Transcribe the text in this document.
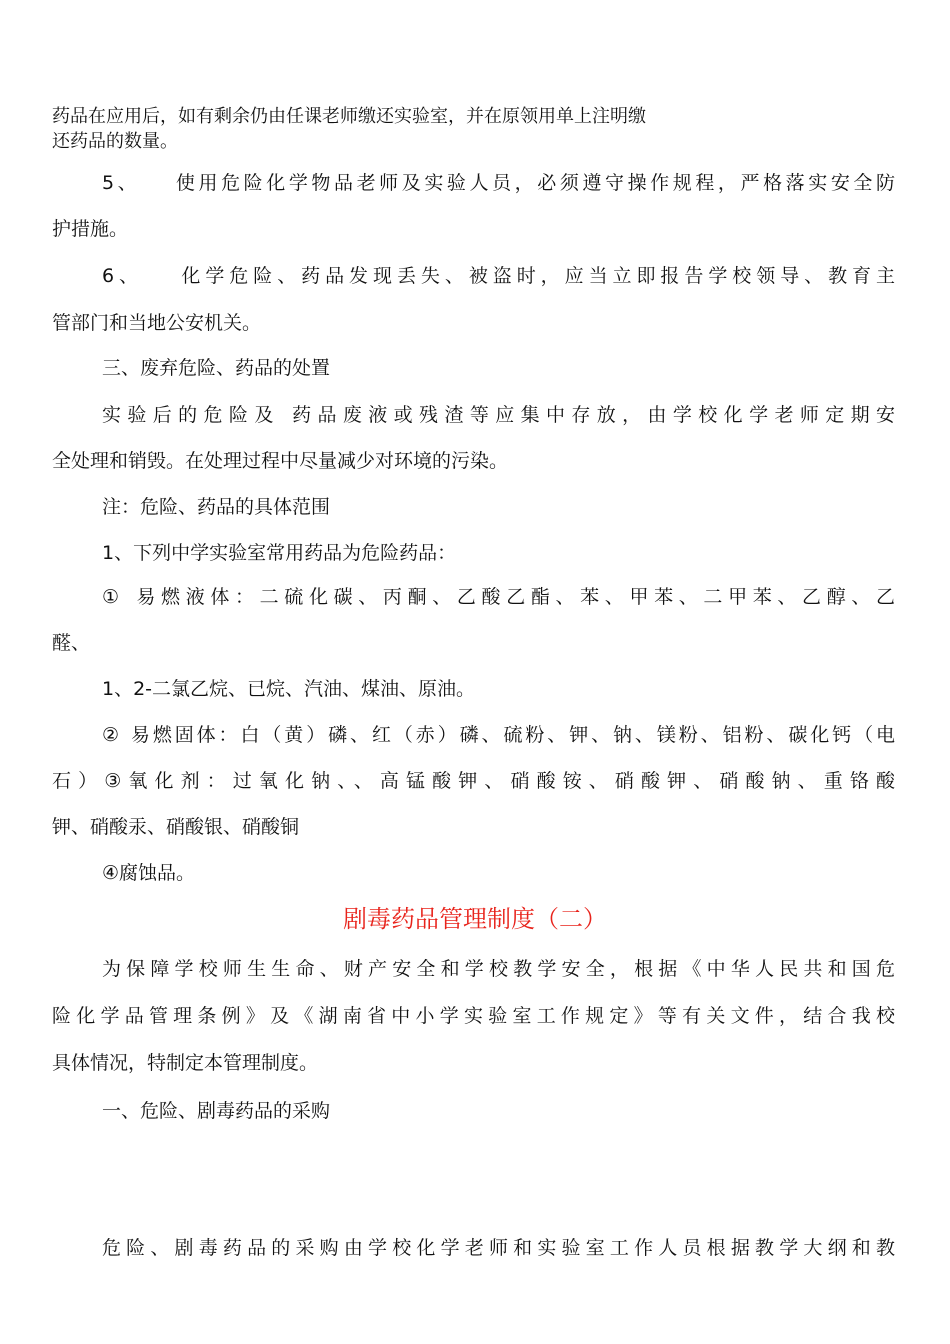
药品在应用后，如有剩余仍由任课老师缴还实验室，并在原领用单上注明缴

还药品的数量。

5、　　使用危险化学物品老师及实验人员，必须遵守操作规程，严格落实安全防

护措施。

6、　　化学危险、药品发现丢失、被盗时，应当立即报告学校领导、教育主

管部门和当地公安机关。

三、废弃危险、药品的处置

实验后的危险及 药品废液或残渣等应集中存放，由学校化学老师定期安

全处理和销毁。在处理过程中尽量减少对环境的污染。

注：危险、药品的具体范围

1、下列中学实验室常用药品为危险药品：

① 易燃液体：二硫化碳、丙酮、乙酸乙酯、苯、甲苯、二甲苯、乙醇、乙

醛、

1、2-二氯乙烷、已烷、汽油、煤油、原油。

② 易燃固体：白（黄）磷、红（赤）磷、硫粉、钾、钠、镁粉、铝粉、碳化钙（电

石）③氧化剂：过氧化钠、、高锰酸钾、硝酸铵、硝酸钾、硝酸钠、重铬酸

钾、硝酸汞、硝酸银、硝酸铜

④腐蚀品。

剧毒药品管理制度（二）

为保障学校师生生命、财产安全和学校教学安全，根据《中华人民共和国危

险化学品管理条例》及《湖南省中小学实验室工作规定》等有关文件，结合我校

具体情况，特制定本管理制度。

一、危险、剧毒药品的采购

危险、剧毒药品的采购由学校化学老师和实验室工作人员根据教学大纲和教
